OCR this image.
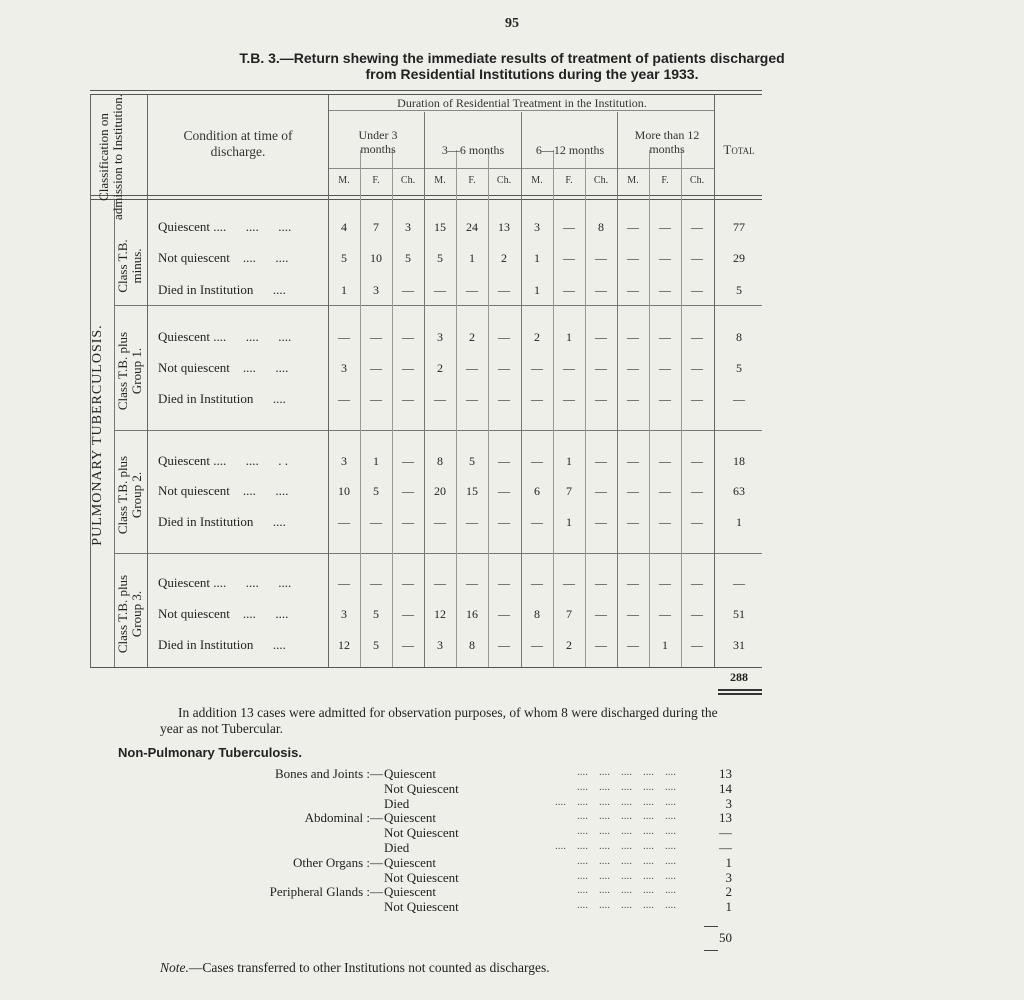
95
T.B. 3.—Return shewing the immediate results of treatment of patients discharged
from Residential Institutions during the year 1933.
Classification on admission to Institution.	Condition at time of discharge.
Duration of Residential Treatment in the Institution.
Under 3 months	3—6 months	6—12 months
More than 12 months	Total
M.	F.	Ch.	M.	F.	Ch.	M.	F.	Ch.	M.	F.	Ch.
PULMONARY TUBERCULOSIS.
Class T.B. minus.
Quiescent ....      ....      ....	4	7	3	15	24	13	3	—	8	—	—	—	77
Not quiescent    ....      ....	5	10	5	5	1	2	1	—	—	—	—	—	29
Died in Institution      ....	1	3	—	—	—	—	1	—	—	—	—	—	5
Class T.B. plus Group 1.
Quiescent ....      ....      ....	—	—	—	3	2	—	2	1	—	—	—	—	8
Not quiescent    ....      ....	3	—	—	2	—	—	—	—	—	—	—	—	5
Died in Institution      ....	—	—	—	—	—	—	—	—	—	—	—	—	—
Class T.B. plus Group 2.
Quiescent ....      ....      . .	3	1	—	8	5	—	—	1	—	—	—	—	18
Not quiescent    ....      ....	10	5	—	20	15	—	6	7	—	—	—	—	63
Died in Institution      ....	—	—	—	—	—	—	—	1	—	—	—	—	1
Class T.B. plus Group 3.
Quiescent ....      ....      ....	—	—	—	—	—	—	—	—	—	—	—	—	—
Not quiescent    ....      ....	3	5	—	12	16	—	8	7	—	—	—	—	51
Died in Institution      ....	12	5	—	3	8	—	—	2	—	—	1	—	31
288
In addition 13 cases were admitted for observation purposes, of whom 8 were discharged during the year as not Tubercular.
Non-Pulmonary Tuberculosis.
Bones and Joints :— Quiescent	....    ....    ....    ....    ....	13
Not Quiescent	....    ....    ....    ....    ....	14
Died	....    ....    ....    ....    ....    ....	3
Abdominal :— Quiescent	....    ....    ....    ....    ....	13
Not Quiescent	....    ....    ....    ....    ....	—
Died	....    ....    ....    ....    ....    ....	—
Other Organs :— Quiescent	....    ....    ....    ....    ....	1
Not Quiescent	....    ....    ....    ....    ....	3
Peripheral Glands :— Quiescent	....    ....    ....    ....    ....	2
Not Quiescent	....    ....    ....    ....    ....	1
50
Note.—Cases transferred to other Institutions not counted as discharges.
